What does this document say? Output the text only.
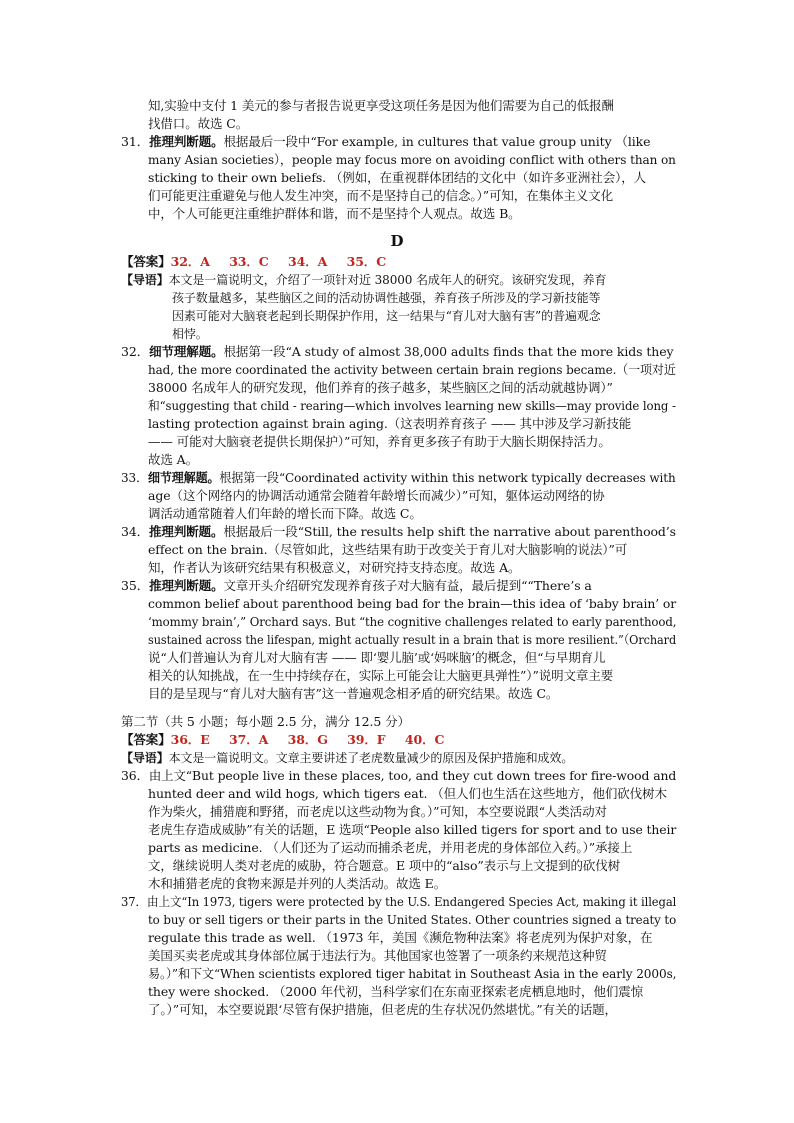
知,实验中支付 1 美元的参与者报告说更享受这项任务是因为他们需要为自己的低报酬
找借口。故选 C。
31．推理判断题。根据最后一段中“For example, in cultures that value group unity （like
many Asian societies），people may focus more on avoiding conflict with others than on
sticking to their own beliefs. （例如，在重视群体团结的文化中（如许多亚洲社会），人
们可能更注重避免与他人发生冲突，而不是坚持自己的信念。）”可知，在集体主义文化
中，个人可能更注重维护群体和谐，而不是坚持个人观点。故选 B。
D
【答案】32．A 33．C 34．A 35．C
【导语】本文是一篇说明文，介绍了一项针对近 38000 名成年人的研究。该研究发现，养育
孩子数量越多，某些脑区之间的活动协调性越强，养育孩子所涉及的学习新技能等
因素可能对大脑衰老起到长期保护作用，这一结果与“育儿对大脑有害”的普遍观念
相悖。
32．细节理解题。根据第一段“A study of almost 38,000 adults finds that the more kids they
had, the more coordinated the activity between certain brain regions became.（一项对近
38000 名成年人的研究发现，他们养育的孩子越多，某些脑区之间的活动就越协调）”
和“suggesting that child - rearing—which involves learning new skills—may provide long -
lasting protection against brain aging.（这表明养育孩子 —— 其中涉及学习新技能
—— 可能对大脑衰老提供长期保护）”可知，养育更多孩子有助于大脑长期保持活力。
故选 A。
33．细节理解题。根据第一段“Coordinated activity within this network typically decreases with
age（这个网络内的协调活动通常会随着年龄增长而减少）”可知，躯体运动网络的协
调活动通常随着人们年龄的增长而下降。故选 C。
34．推理判断题。根据最后一段“Still, the results help shift the narrative about parenthood’s
effect on the brain.（尽管如此，这些结果有助于改变关于育儿对大脑影响的说法）”可
知，作者认为该研究结果有积极意义，对研究持支持态度。故选 A。
35．推理判断题。文章开头介绍研究发现养育孩子对大脑有益，最后提到““There’s a
common belief about parenthood being bad for the brain—this idea of ‘baby brain’ or
‘mommy brain’,” Orchard says. But “the cognitive challenges related to early parenthood,
sustained across the lifespan, might actually result in a brain that is more resilient.”（Orchard
说“人们普遍认为育儿对大脑有害 —— 即‘婴儿脑’或‘妈咪脑’的概念，但“与早期育儿
相关的认知挑战，在一生中持续存在，实际上可能会让大脑更具弹性”）”说明文章主要
目的是呈现与“育儿对大脑有害”这一普遍观念相矛盾的研究结果。故选 C。
第二节（共 5 小题；每小题 2.5 分，满分 12.5 分）
【答案】36．E 37．A 38．G 39．F 40．C
【导语】本文是一篇说明文。文章主要讲述了老虎数量减少的原因及保护措施和成效。
36．由上文“But people live in these places, too, and they cut down trees for fire-wood and
hunted deer and wild hogs, which tigers eat. （但人们也生活在这些地方，他们砍伐树木
作为柴火，捕猎鹿和野猪，而老虎以这些动物为食。）”可知，本空要说跟“人类活动对
老虎生存造成威胁”有关的话题，E 选项“People also killed tigers for sport and to use their
parts as medicine. （人们还为了运动而捕杀老虎，并用老虎的身体部位入药。）”承接上
文，继续说明人类对老虎的威胁，符合题意。E 项中的“also”表示与上文提到的砍伐树
木和捕猎老虎的食物来源是并列的人类活动。故选 E。
37．由上文“In 1973, tigers were protected by the U.S. Endangered Species Act, making it illegal
to buy or sell tigers or their parts in the United States. Other countries signed a treaty to
regulate this trade as well. （1973 年，美国《濒危物种法案》将老虎列为保护对象，在
美国买卖老虎或其身体部位属于违法行为。其他国家也签署了一项条约来规范这种贸
易。）”和下文“When scientists explored tiger habitat in Southeast Asia in the early 2000s,
they were shocked. （2000 年代初，当科学家们在东南亚探索老虎栖息地时，他们震惊
了。）”可知，本空要说跟‘尽管有保护措施，但老虎的生存状况仍然堪忧。”有关的话题，
